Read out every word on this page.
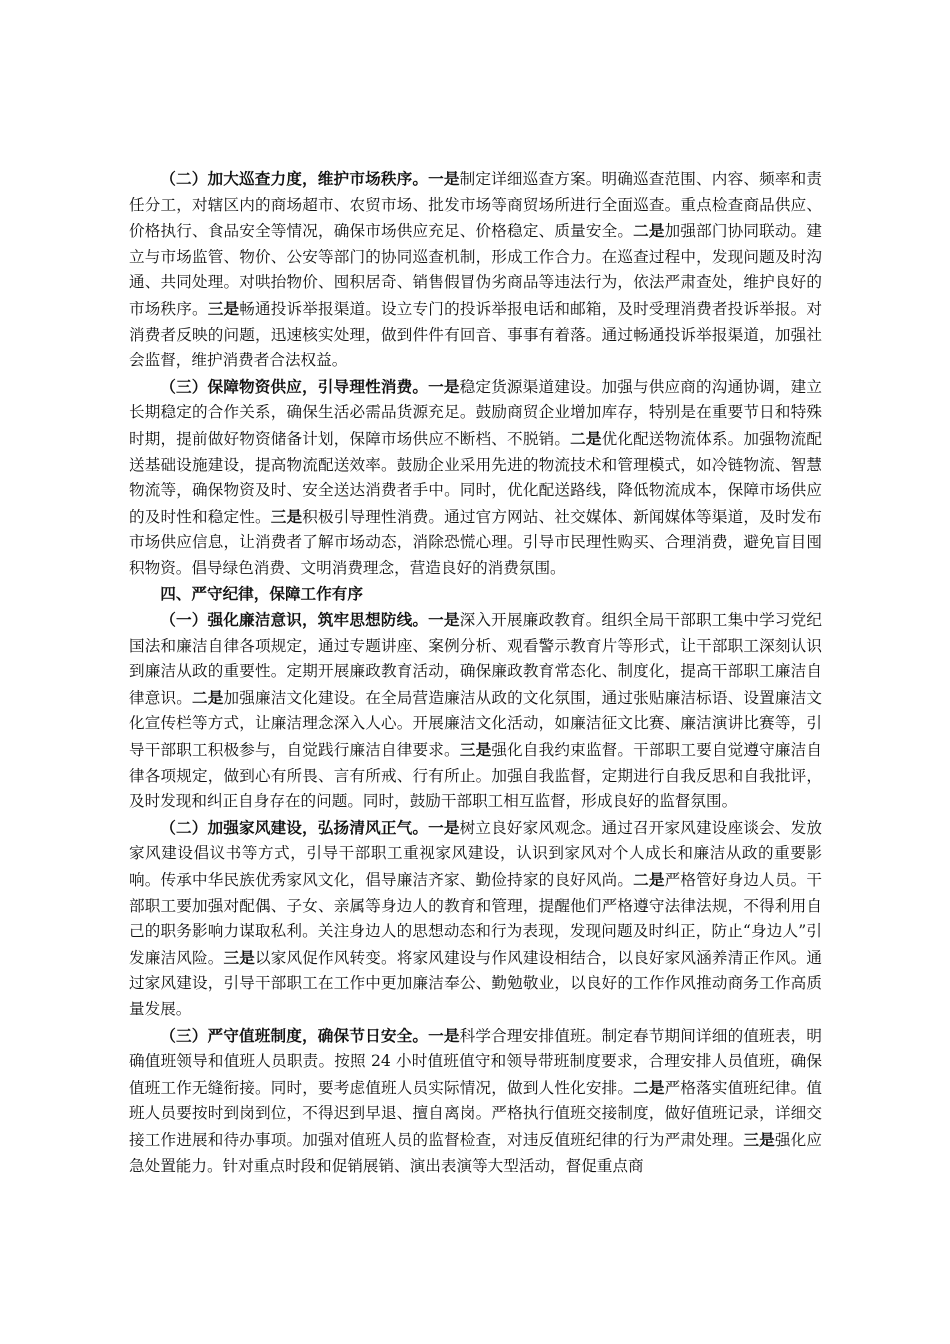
（二）加大巡查力度，维护市场秩序。一是制定详细巡查方案。明确巡查范围、内容、频率和责任分工，对辖区内的商场超市、农贸市场、批发市场等商贸场所进行全面巡查。重点检查商品供应、价格执行、食品安全等情况，确保市场供应充足、价格稳定、质量安全。二是加强部门协同联动。建立与市场监管、物价、公安等部门的协同巡查机制，形成工作合力。在巡查过程中，发现问题及时沟通、共同处理。对哄抬物价、囤积居奇、销售假冒伪劣商品等违法行为，依法严肃查处，维护良好的市场秩序。三是畅通投诉举报渠道。设立专门的投诉举报电话和邮箱，及时受理消费者投诉举报。对消费者反映的问题，迅速核实处理，做到件件有回音、事事有着落。通过畅通投诉举报渠道，加强社会监督，维护消费者合法权益。

（三）保障物资供应，引导理性消费。一是稳定货源渠道建设。加强与供应商的沟通协调，建立长期稳定的合作关系，确保生活必需品货源充足。鼓励商贸企业增加库存，特别是在重要节日和特殊时期，提前做好物资储备计划，保障市场供应不断档、不脱销。二是优化配送物流体系。加强物流配送基础设施建设，提高物流配送效率。鼓励企业采用先进的物流技术和管理模式，如冷链物流、智慧物流等，确保物资及时、安全送达消费者手中。同时，优化配送路线，降低物流成本，保障市场供应的及时性和稳定性。三是积极引导理性消费。通过官方网站、社交媒体、新闻媒体等渠道，及时发布市场供应信息，让消费者了解市场动态，消除恐慌心理。引导市民理性购买、合理消费，避免盲目囤积物资。倡导绿色消费、文明消费理念，营造良好的消费氛围。

四、严守纪律，保障工作有序

（一）强化廉洁意识，筑牢思想防线。一是深入开展廉政教育。组织全局干部职工集中学习党纪国法和廉洁自律各项规定，通过专题讲座、案例分析、观看警示教育片等形式，让干部职工深刻认识到廉洁从政的重要性。定期开展廉政教育活动，确保廉政教育常态化、制度化，提高干部职工廉洁自律意识。二是加强廉洁文化建设。在全局营造廉洁从政的文化氛围，通过张贴廉洁标语、设置廉洁文化宣传栏等方式，让廉洁理念深入人心。开展廉洁文化活动，如廉洁征文比赛、廉洁演讲比赛等，引导干部职工积极参与，自觉践行廉洁自律要求。三是强化自我约束监督。干部职工要自觉遵守廉洁自律各项规定，做到心有所畏、言有所戒、行有所止。加强自我监督，定期进行自我反思和自我批评，及时发现和纠正自身存在的问题。同时，鼓励干部职工相互监督，形成良好的监督氛围。

（二）加强家风建设，弘扬清风正气。一是树立良好家风观念。通过召开家风建设座谈会、发放家风建设倡议书等方式，引导干部职工重视家风建设，认识到家风对个人成长和廉洁从政的重要影响。传承中华民族优秀家风文化，倡导廉洁齐家、勤俭持家的良好风尚。二是严格管好身边人员。干部职工要加强对配偶、子女、亲属等身边人的教育和管理，提醒他们严格遵守法律法规，不得利用自己的职务影响力谋取私利。关注身边人的思想动态和行为表现，发现问题及时纠正，防止“身边人”引发廉洁风险。三是以家风促作风转变。将家风建设与作风建设相结合，以良好家风涵养清正作风。通过家风建设，引导干部职工在工作中更加廉洁奉公、勤勉敬业，以良好的工作作风推动商务工作高质量发展。

（三）严守值班制度，确保节日安全。一是科学合理安排值班。制定春节期间详细的值班表，明确值班领导和值班人员职责。按照 24 小时值班值守和领导带班制度要求，合理安排人员值班，确保值班工作无缝衔接。同时，要考虑值班人员实际情况，做到人性化安排。二是严格落实值班纪律。值班人员要按时到岗到位，不得迟到早退、擅自离岗。严格执行值班交接制度，做好值班记录，详细交接工作进展和待办事项。加强对值班人员的监督检查，对违反值班纪律的行为严肃处理。三是强化应急处置能力。针对重点时段和促销展销、演出表演等大型活动，督促重点商
